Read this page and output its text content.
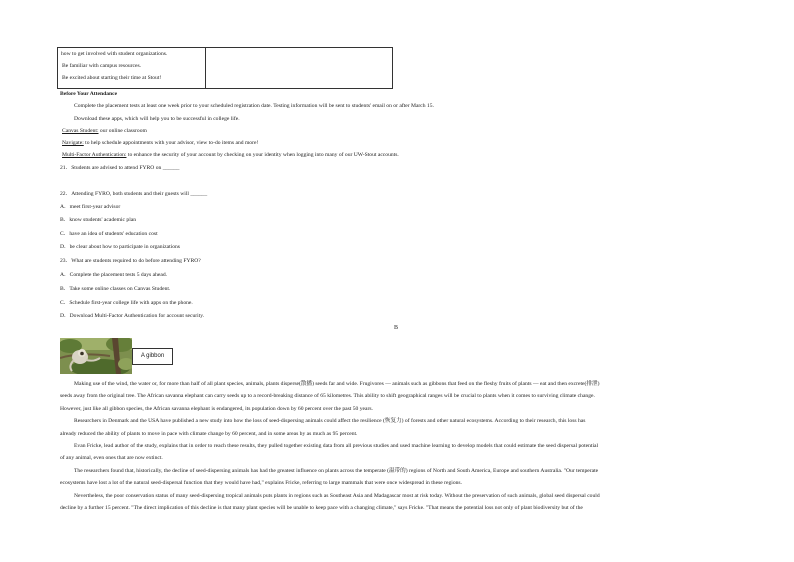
how to get involved with student organizations.
Be familiar with campus resources.
Be excited about starting their time at Stout!

Before Your Attendance
Complete the placement tests at least one week prior to your scheduled registration date. Testing information will be sent to students' email on or after March 15.
Download these apps, which will help you to be successful in college life.
Canvas Student: our online classroom
Navigate: to help schedule appointments with your advisor, view to-do items and more!
Multi-Factor Authentication: to enhance the security of your account by checking on your identity when logging into many of our UW-Stout accounts.
21．Students are advised to attend FYRO on ______
22．Attending FYRO, both students and their guests will ______
A．meet first-year advisor
B．know students' academic plan
C．have an idea of students' education cost
D．be clear about how to participate in organizations
23．What are students required to do before attending FYRO?
A．Complete the placement tests 5 days ahead.
B．Take some online classes on Canvas Student.
C．Schedule first-year college life with apps on the phone.
D．Download Multi-Factor Authentication for account security.
B
A gibbon
Making use of the wind, the water or, for more than half of all plant species, animals, plants disperse(散播) seeds far and wide. Frugivores — animals such as gibbons that feed on the fleshy fruits of plants — eat and then excrete(排泄)
seeds away from the original tree. The African savanna elephant can carry seeds up to a record-breaking distance of 65 kilometres. This ability to shift geographical ranges will be crucial to plants when it comes to surviving climate change.
However, just like all gibbon species, the African savanna elephant is endangered, its population down by 60 percent over the past 50 years.
Researchers in Denmark and the USA have published a new study into how the loss of seed-dispersing animals could affect the resilience (恢复力) of forests and other natural ecosystems. According to their research, this loss has
already reduced the ability of plants to move in pace with climate change by 60 percent, and in some areas by as much as 95 percent.
Evan Fricke, lead author of the study, explains that in order to reach these results, they pulled together existing data from all previous studies and used machine learning to develop models that could estimate the seed dispersal potential
of any animal, even ones that are now extinct.
The researchers found that, historically, the decline of seed-dispersing animals has had the greatest influence on plants across the temperate (温带的) regions of North and South America, Europe and southern Australia. "Our temperate
ecosystems have lost a lot of the natural seed-dispersal function that they would have had," explains Fricke, referring to large mammals that were once widespread in these regions.
Nevertheless, the poor conservation status of many seed-dispersing tropical animals puts plants in regions such as Southeast Asia and Madagascar most at risk today. Without the preservation of such animals, global seed dispersal could
decline by a further 15 percent. "The direct implication of this decline is that many plant species will be unable to keep pace with a changing climate," says Fricke. "That means the potential loss not only of plant biodiversity but of the
